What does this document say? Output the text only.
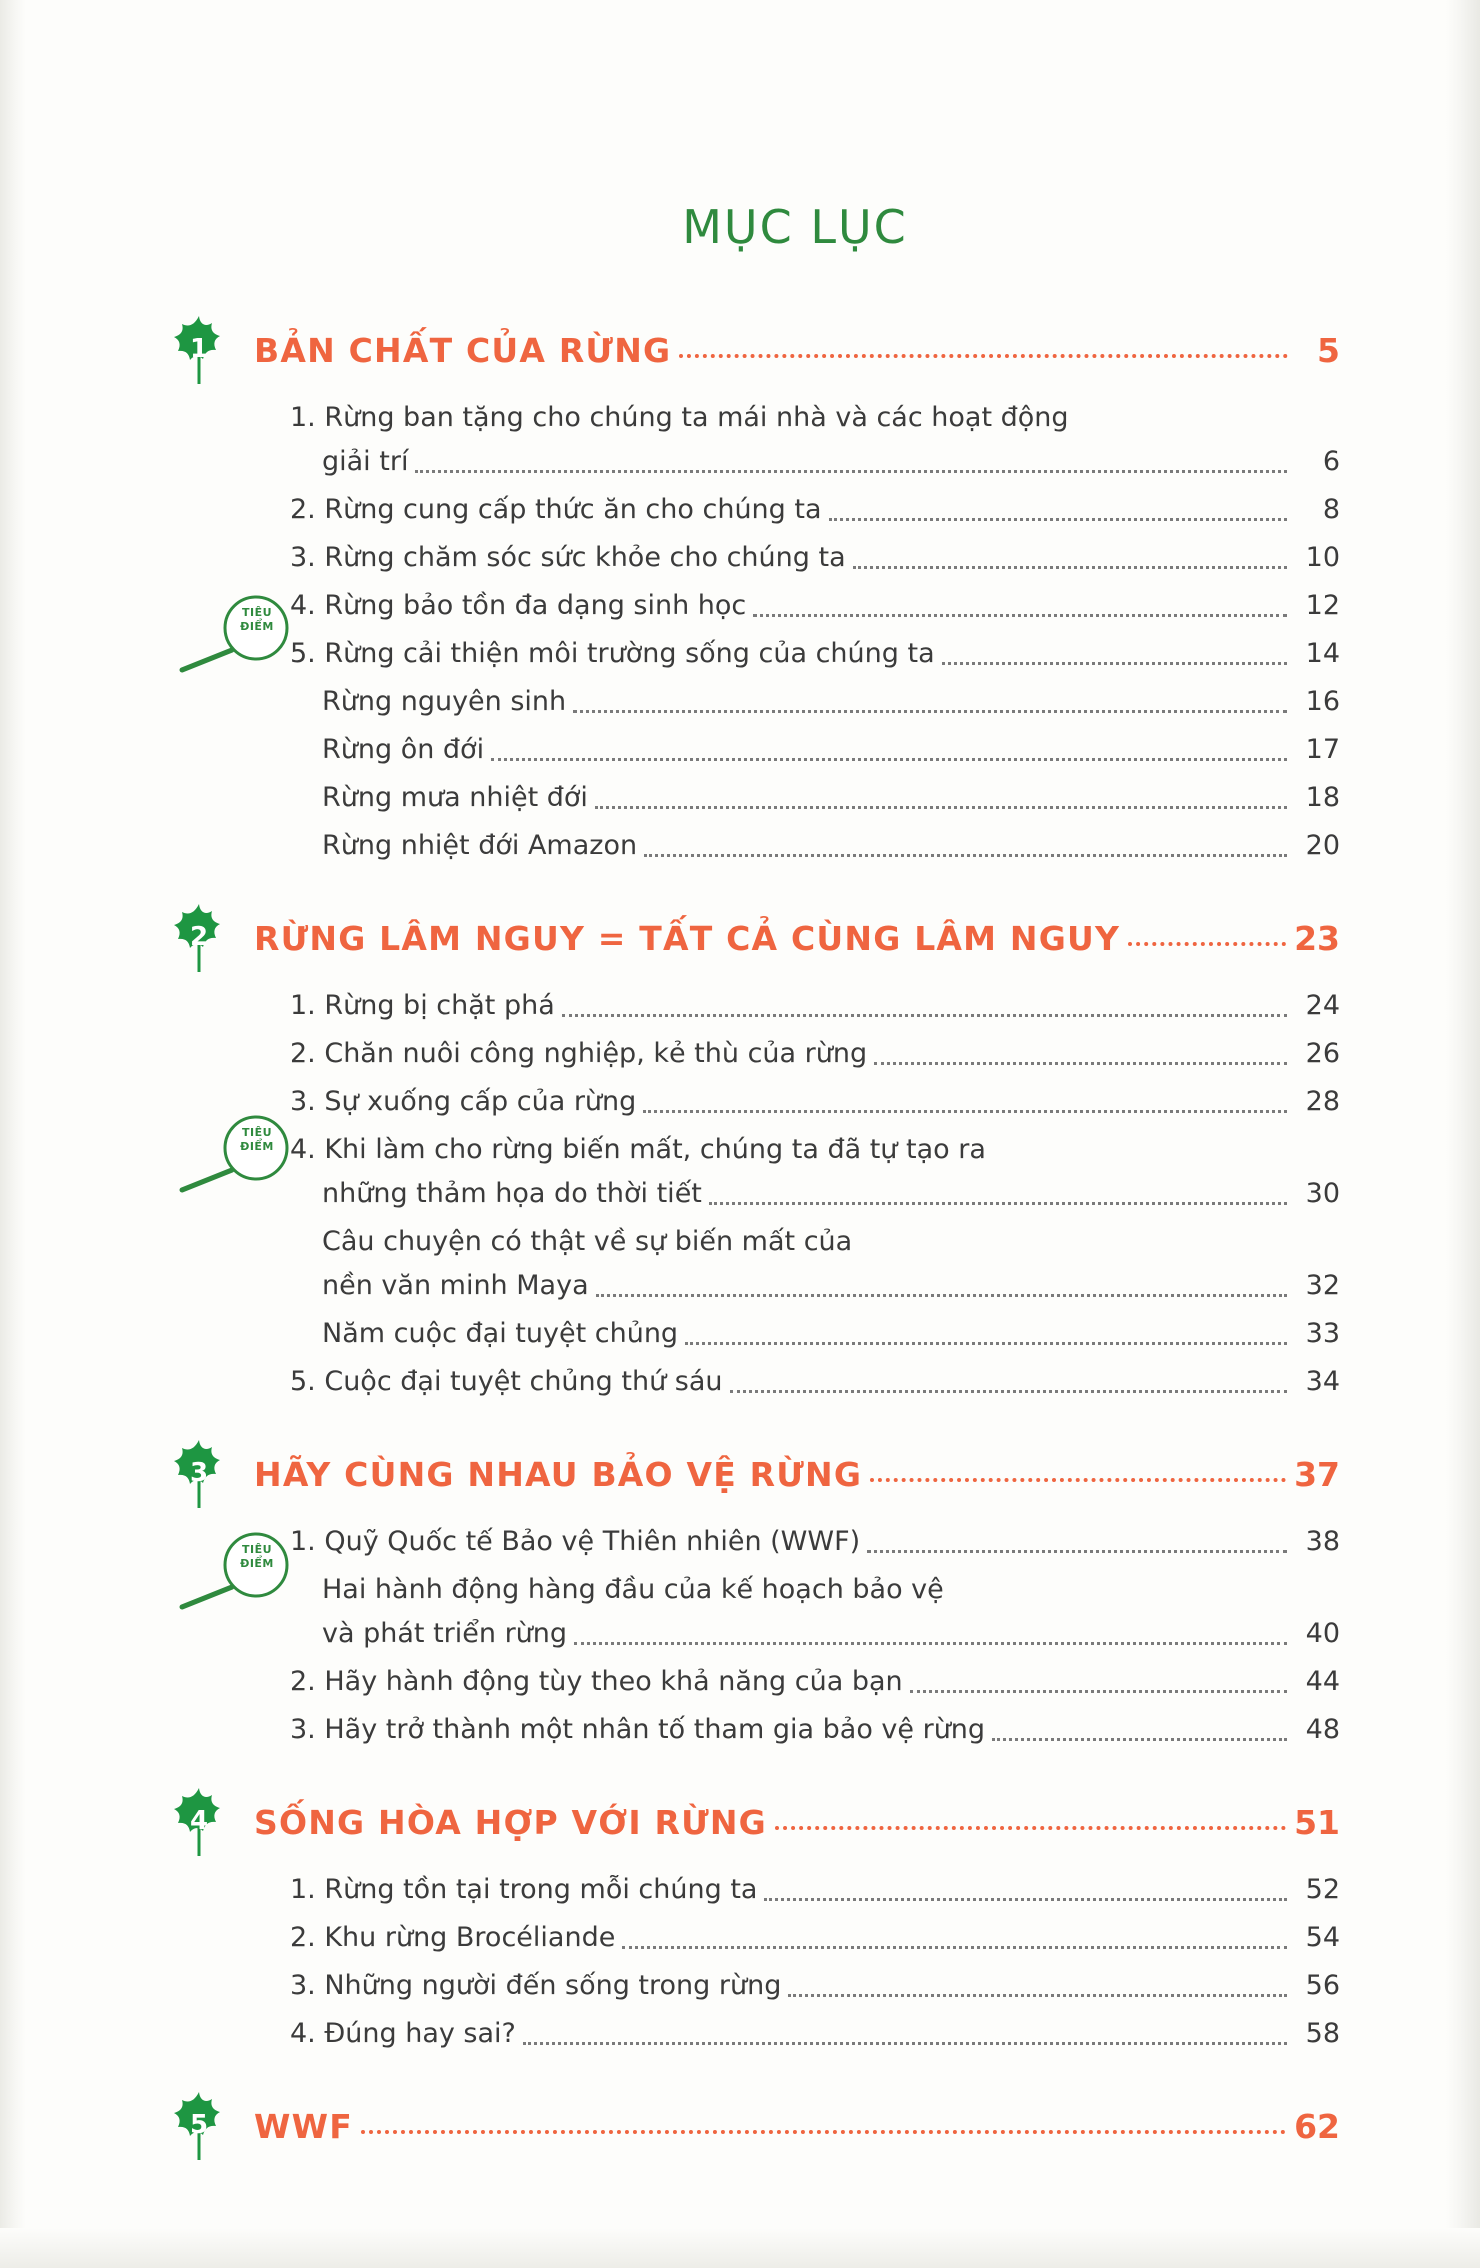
MỤC LỤC
1	BẢN CHẤT CỦA RỪNG	5
1. Rừng ban tặng cho chúng ta mái nhà và các hoạt động
giải trí	6
2. Rừng cung cấp thức ăn cho chúng ta	8
3. Rừng chăm sóc sức khỏe cho chúng ta	10
4. Rừng bảo tồn đa dạng sinh học	12
5. Rừng cải thiện môi trường sống của chúng ta	14
Rừng nguyên sinh	16
Rừng ôn đới	17
Rừng mưa nhiệt đới	18
Rừng nhiệt đới Amazon	20
TIÊU
ĐIỂM
2	RỪNG LÂM NGUY = TẤT CẢ CÙNG LÂM NGUY	23
1. Rừng bị chặt phá	24
2. Chăn nuôi công nghiệp, kẻ thù của rừng	26
3. Sự xuống cấp của rừng	28
4. Khi làm cho rừng biến mất, chúng ta đã tự tạo ra
những thảm họa do thời tiết	30
Câu chuyện có thật về sự biến mất của
nền văn minh Maya	32
Năm cuộc đại tuyệt chủng	33
5. Cuộc đại tuyệt chủng thứ sáu	34
TIÊU
ĐIỂM
3	HÃY CÙNG NHAU BẢO VỆ RỪNG	37
1. Quỹ Quốc tế Bảo vệ Thiên nhiên (WWF)	38
Hai hành động hàng đầu của kế hoạch bảo vệ
và phát triển rừng	40
2. Hãy hành động tùy theo khả năng của bạn	44
3. Hãy trở thành một nhân tố tham gia bảo vệ rừng	48
TIÊU
ĐIỂM
4	SỐNG HÒA HỢP VỚI RỪNG	51
1. Rừng tồn tại trong mỗi chúng ta	52
2. Khu rừng Brocéliande	54
3. Những người đến sống trong rừng	56
4. Đúng hay sai?	58
5	WWF	62
